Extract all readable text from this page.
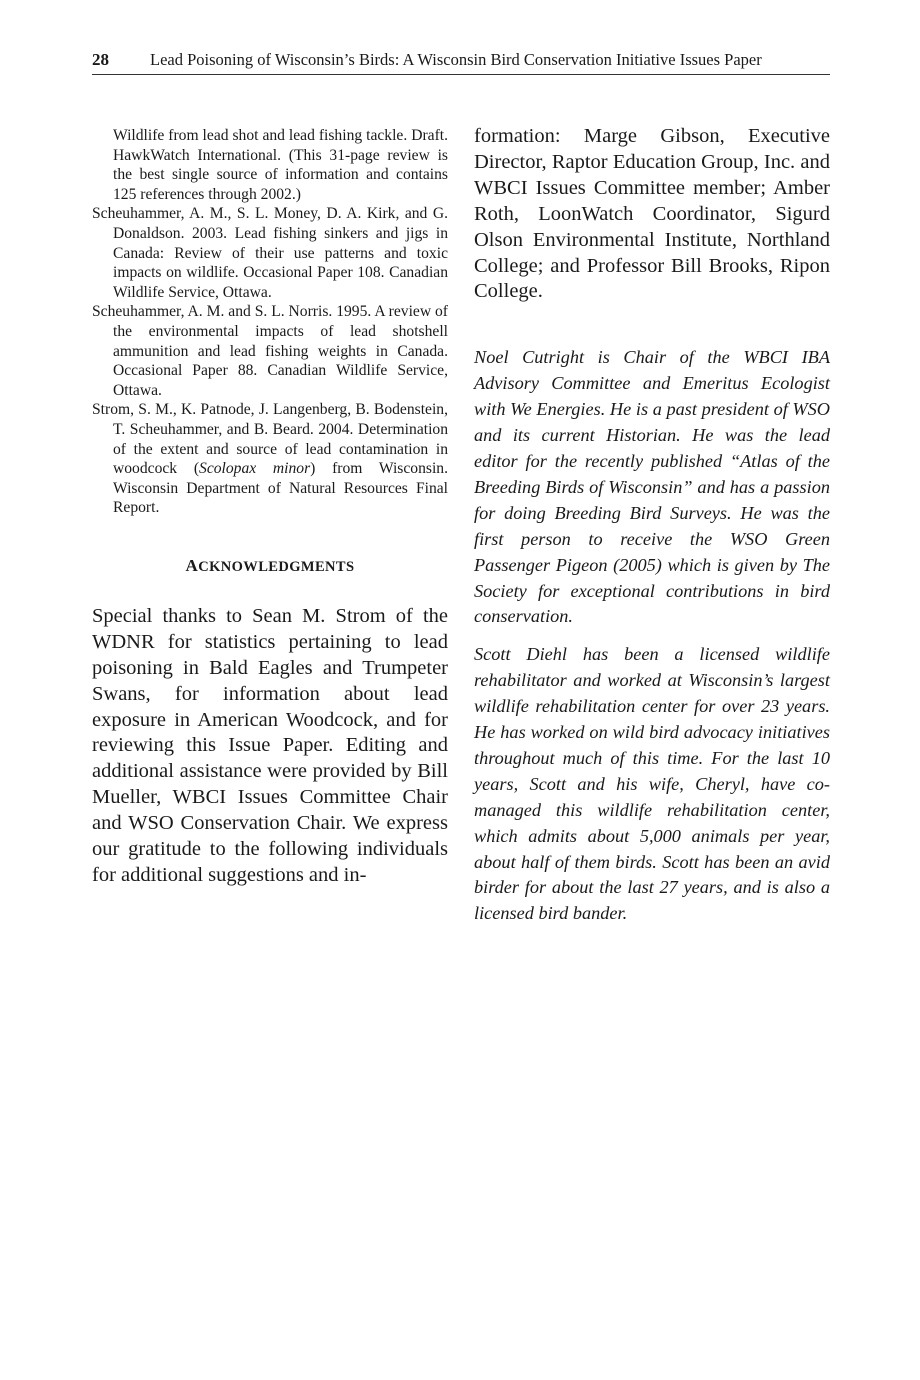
28 Lead Poisoning of Wisconsin’s Birds: A Wisconsin Bird Conservation Initiative Issues Paper

Wildlife from lead shot and lead fishing tackle. Draft. HawkWatch International. (This 31-page review is the best single source of information and contains 125 references through 2002.)

Scheuhammer, A. M., S. L. Money, D. A. Kirk, and G. Donaldson. 2003. Lead fishing sinkers and jigs in Canada: Review of their use patterns and toxic impacts on wildlife. Occasional Paper 108. Canadian Wildlife Service, Ottawa.

Scheuhammer, A. M. and S. L. Norris. 1995. A review of the environmental impacts of lead shotshell ammunition and lead fishing weights in Canada. Occasional Paper 88. Canadian Wildlife Service, Ottawa.

Strom, S. M., K. Patnode, J. Langenberg, B. Bodenstein, T. Scheuhammer, and B. Beard. 2004. Determination of the extent and source of lead contamination in woodcock (Scolopax minor) from Wisconsin. Wisconsin Department of Natural Resources Final Report.

ACKNOWLEDGMENTS

Special thanks to Sean M. Strom of the WDNR for statistics pertaining to lead poisoning in Bald Eagles and Trumpeter Swans, for information about lead exposure in American Woodcock, and for reviewing this Issue Paper. Editing and additional assistance were provided by Bill Mueller, WBCI Issues Committee Chair and WSO Conservation Chair. We express our gratitude to the following individuals for additional suggestions and in-

formation: Marge Gibson, Executive Director, Raptor Education Group, Inc. and WBCI Issues Committee member; Amber Roth, LoonWatch Coordinator, Sigurd Olson Environmental Institute, Northland College; and Professor Bill Brooks, Ripon College.

Noel Cutright is Chair of the WBCI IBA Advisory Committee and Emeritus Ecologist with We Energies. He is a past president of WSO and its current Historian. He was the lead editor for the recently published “Atlas of the Breeding Birds of Wisconsin” and has a passion for doing Breeding Bird Surveys. He was the first person to receive the WSO Green Passenger Pigeon (2005) which is given by The Society for exceptional contributions in bird conservation.

Scott Diehl has been a licensed wildlife rehabilitator and worked at Wisconsin’s largest wildlife rehabilitation center for over 23 years. He has worked on wild bird advocacy initiatives throughout much of this time. For the last 10 years, Scott and his wife, Cheryl, have co-managed this wildlife rehabilitation center, which admits about 5,000 animals per year, about half of them birds. Scott has been an avid birder for about the last 27 years, and is also a licensed bird bander.
